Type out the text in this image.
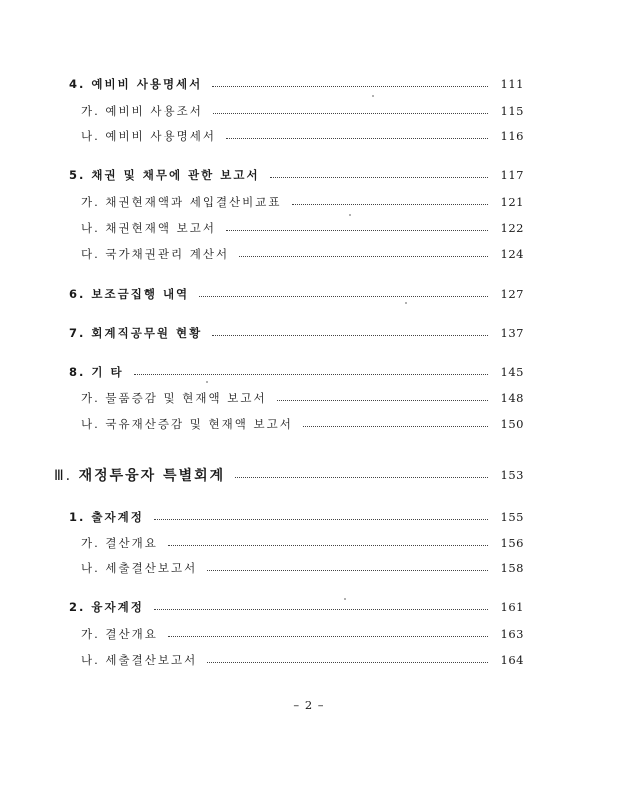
4. 예비비 사용명세서	111
가. 예비비 사용조서	115
나. 예비비 사용명세서	116
5. 채권 및 채무에 관한 보고서	117
가. 채권현재액과 세입결산비교표	121
나. 채권현재액 보고서	122
다. 국가채권관리 계산서	124
6. 보조금집행 내역	127
7. 회계직공무원 현황	137
8. 기 타	145
가. 물품증감 및 현재액 보고서	148
나. 국유재산증감 및 현재액 보고서	150
Ⅲ. 재정투융자 특별회계	153
1. 출자계정	155
가. 결산개요	156
나. 세출결산보고서	158
2. 융자계정	161
가. 결산개요	163
나. 세출결산보고서	164
– 2 –
